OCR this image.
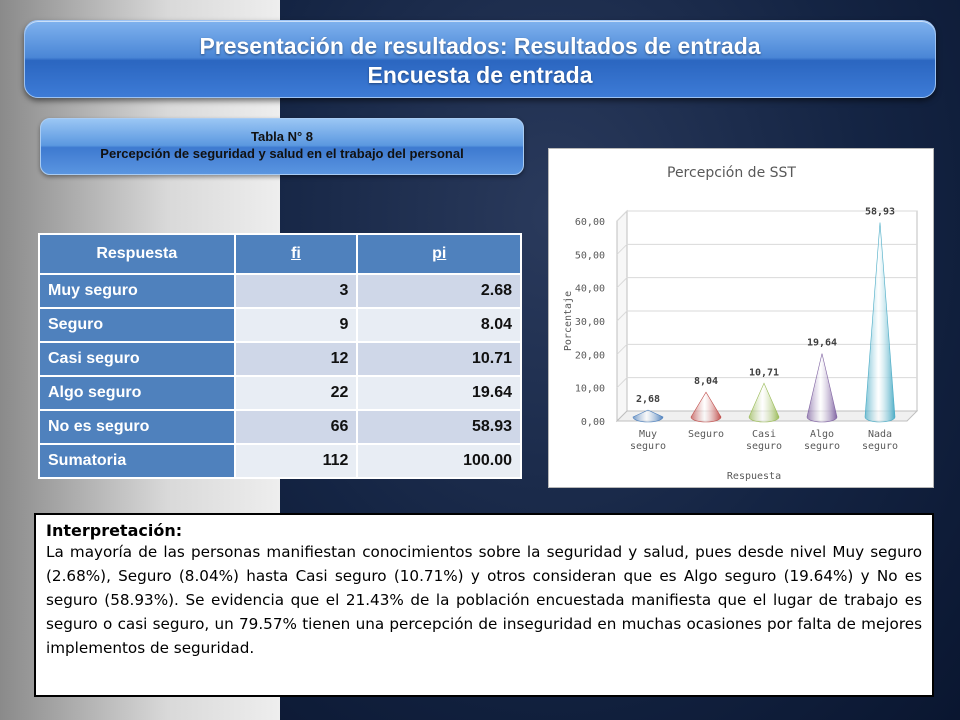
Presentación de resultados: Resultados de entrada
Encuesta de entrada
Tabla N° 8
Percepción de seguridad y salud en el trabajo del personal
Respuesta	fi	pi
Muy seguro	3	2.68
Seguro	9	8.04
Casi seguro	12	10.71
Algo seguro	22	19.64
No es seguro	66	58.93
Sumatoria	112	100.00
Percepción de SST
0,00
10,00
20,00
30,00
40,00
50,00
60,00
Porcentaje
2,68
Muy
seguro
8,04
Seguro
10,71
Casi
seguro
19,64
Algo
seguro
58,93
Nada
seguro
Respuesta
Interpretación:
La mayoría de las personas manifiestan conocimientos sobre la seguridad y salud, pues desde nivel Muy seguro (2.68%), Seguro (8.04%) hasta Casi seguro (10.71%) y otros consideran que es Algo seguro (19.64%) y No es seguro (58.93%). Se evidencia que el 21.43% de la población encuestada manifiesta que el lugar de trabajo es seguro o casi seguro, un 79.57% tienen una percepción de inseguridad en muchas ocasiones por falta de mejores implementos de seguridad.
